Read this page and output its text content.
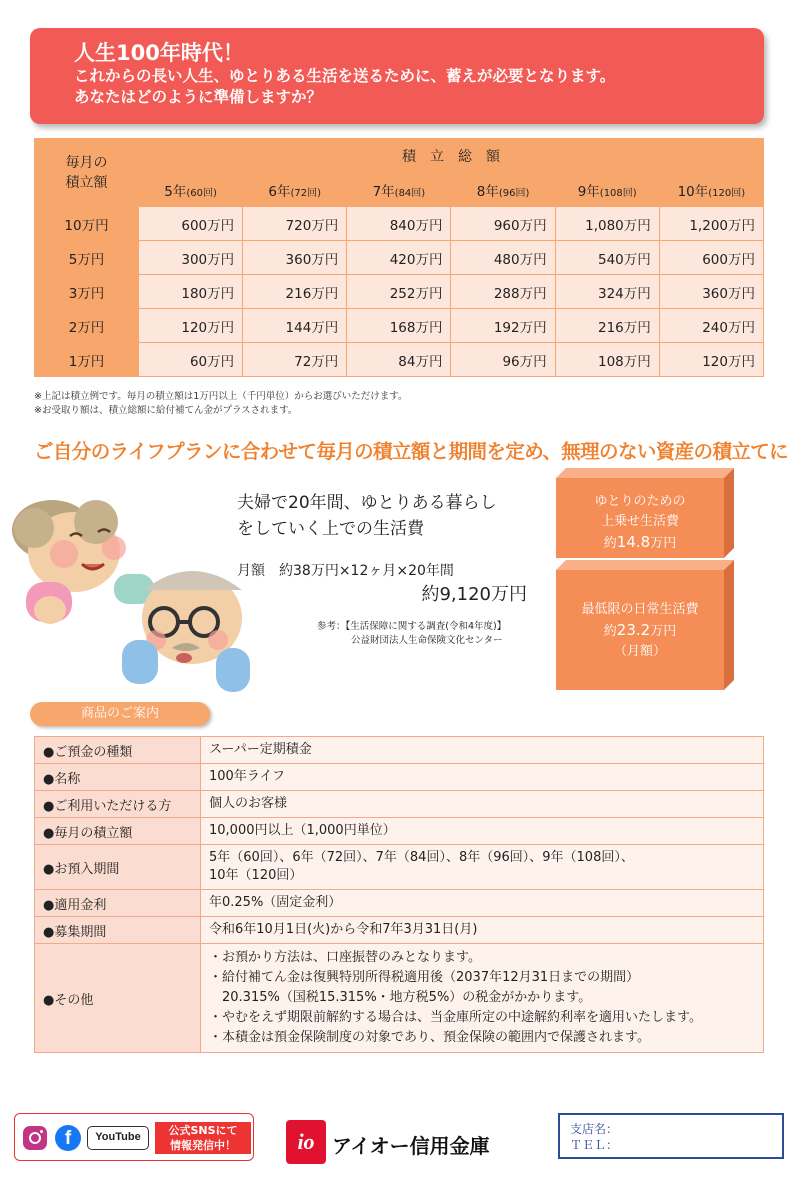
人生100年時代！
これからの長い人生、ゆとりある生活を送るために、蓄えが必要となります。
あなたはどのように準備しますか？
毎月の
積立額	積立総額					
	5年(60回)	6年(72回)	7年(84回)	8年(96回)	9年(108回)	10年(120回)
10万円	600万円	720万円	840万円	960万円	1,080万円	1,200万円
5万円	300万円	360万円	420万円	480万円	540万円	600万円
3万円	180万円	216万円	252万円	288万円	324万円	360万円
2万円	120万円	144万円	168万円	192万円	216万円	240万円
1万円	60万円	72万円	84万円	96万円	108万円	120万円
※上記は積立例です。毎月の積立額は1万円以上（千円単位）からお選びいただけます。
※お受取り額は、積立総額に給付補てん金がプラスされます。
ご自分のライフプランに合わせて毎月の積立額と期間を定め、無理のない資産の積立てに
夫婦で20年間、ゆとりある暮らし
をしていく上での生活費
月額　約38万円×12ヶ月×20年間
約9,120万円
参考：【生活保障に関する調査(令和4年度)】
公益財団法人生命保険文化センター
ゆとりのための
上乗せ生活費
約14.8万円
最低限の日常生活費
約23.2万円
（月額）
商品のご案内
●ご預金の種類	スーパー定期積金
●名称	100年ライフ
●ご利用いただける方	個人のお客様
●毎月の積立額	10,000円以上（1,000円単位）
●お預入期間	5年（60回）、6年（72回）、7年（84回）、8年（96回）、9年（108回）、
10年（120回）
●適用金利	年0.25%（固定金利）
●募集期間	令和6年10月1日(火)から令和7年3月31日(月)
●その他	・お預かり方法は、口座振替のみとなります。
・給付補てん金は復興特別所得税適用後（2037年12月31日までの期間）
　20.315%（国税15.315%・地方税5%）の税金がかかります。
・やむをえず期限前解約する場合は、当金庫所定の中途解約利率を適用いたします。
・本積金は預金保険制度の対象であり、預金保険の範囲内で保護されます。
f	YouTube	公式SNSにて
情報発信中！	io アイオー信用金庫
支店名：
ＴＥＬ：
